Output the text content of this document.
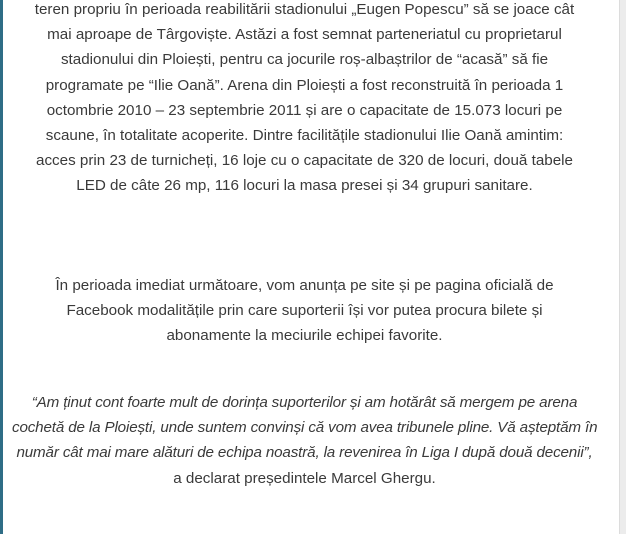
teren propriu în perioada reabilitării stadionului „Eugen Popescu” să se joace cât
mai aproape de Târgoviște. Astăzi a fost semnat parteneriatul cu proprietarul
stadionului din Ploiești, pentru ca jocurile roș-albaștrilor de “acasă” să fie
programate pe “Ilie Oană”. Arena din Ploiești a fost reconstruită în perioada 1
octombrie 2010 – 23 septembrie 2011 și are o capacitate de 15.073 locuri pe
scaune, în totalitate acoperite. Dintre facilitățile stadionului Ilie Oană amintim:
acces prin 23 de turnicheți, 16 loje cu o capacitate de 320 de locuri, două tabele
LED de câte 26 mp, 116 locuri la masa presei și 34 grupuri sanitare.

În perioada imediat următoare, vom anunța pe site și pe pagina oficială de
Facebook modalitățile prin care suporterii își vor putea procura bilete și
abonamente la meciurile echipei favorite.

“Am ținut cont foarte mult de dorința suporterilor și am hotărât să mergem pe arena
cochetă de la Ploiești, unde suntem convinși că vom avea tribunele pline. Vă așteptăm în
număr cât mai mare alături de echipa noastră, la revenirea în Liga I după două decenii”,
a declarat președintele Marcel Ghergu.
